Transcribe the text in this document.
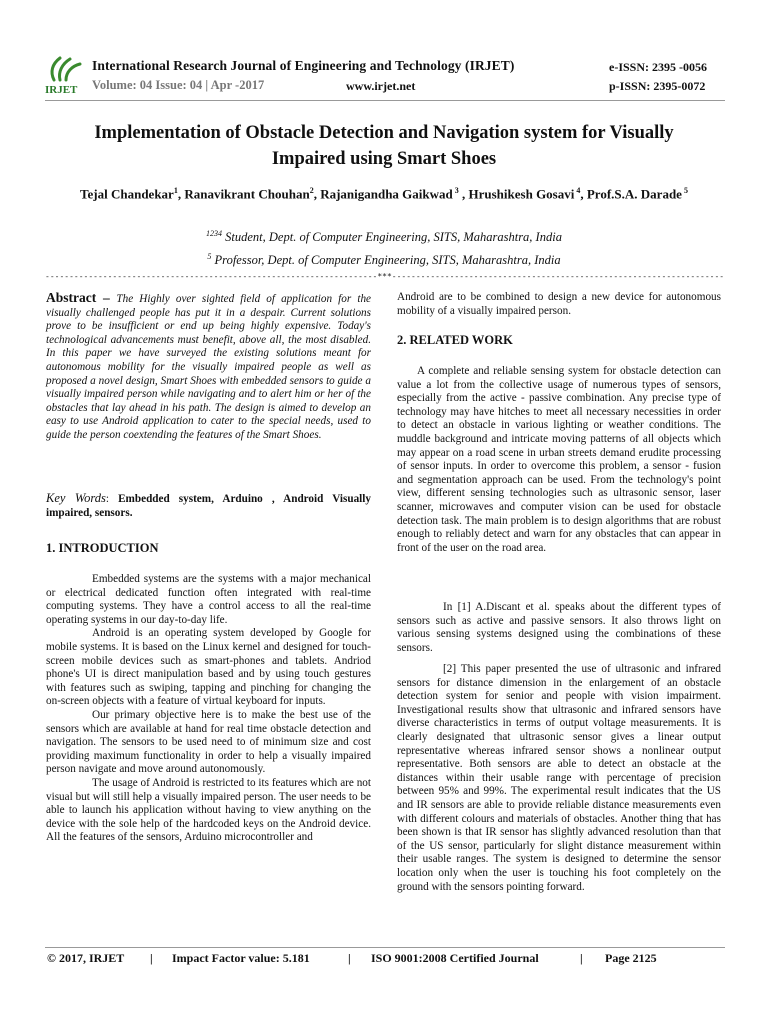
IRJET
International Research Journal of Engineering and Technology (IRJET)
Volume: 04 Issue: 04 | Apr -2017	www.irjet.net
e-ISSN: 2395 -0056
p-ISSN: 2395-0072
Implementation of Obstacle Detection and Navigation system for Visually Impaired using Smart Shoes
Tejal Chandekar$^1$, Ranavikrant Chouhan$^2$, Rajanigandha Gaikwad $^3$ , Hrushikesh Gosavi $^4$, Prof.S.A. Darade $^5$
$^{1234}$ Student, Dept. of Computer Engineering, SITS, Maharashtra, India
$^5$ Professor, Dept. of Computer Engineering, SITS, Maharashtra, India
---------------------------------------------------------------------***---------------------------------------------------------------------
Abstract – The Highly over sighted field of application for the visually challenged people has put it in a despair. Current solutions prove to be insufficient or end up being highly expensive. Today's technological advancements must benefit, above all, the most disabled. In this paper we have surveyed the existing solutions meant for autonomous mobility for the visually impaired people as well as proposed a novel design, Smart Shoes with embedded sensors to guide a visually impaired person while navigating and to alert him or her of the obstacles that lay ahead in his path. The design is aimed to develop an easy to use Android application to cater to the special needs, used to guide the person coextending the features of the Smart Shoes.
Key Words: Embedded system, Arduino , Android Visually impaired, sensors.
1. INTRODUCTION

Embedded systems are the systems with a major mechanical or electrical dedicated function often integrated with real-time computing systems. They have a control access to all the real-time operating systems in our day-to-day life.

Android is an operating system developed by Google for mobile systems. It is based on the Linux kernel and designed for touch-screen mobile devices such as smart-phones and tablets. Andriod phone's UI is direct manipulation based and by using touch gestures with features such as swiping, tapping and pinching for changing the on-screen objects with a feature of virtual keyboard for inputs.

Our primary objective here is to make the best use of the sensors which are available at hand for real time obstacle detection and navigation. The sensors to be used need to of minimum size and cost providing maximum functionality in order to help a visually impaired person navigate and move around autonomously.

The usage of Android is restricted to its features which are not visual but will still help a visually impaired person. The user needs to be able to launch his application without having to view anything on the device with the sole help of the hardcoded keys on the Android device. All the features of the sensors, Arduino microcontroller and

Android are to be combined to design a new device for autonomous mobility of a visually impaired person.
2. RELATED WORK

A complete and reliable sensing system for obstacle detection can value a lot from the collective usage of numerous types of sensors, especially from the active - passive combination. Any precise type of technology may have hitches to meet all necessary necessities in order to detect an obstacle in various lighting or weather conditions. The muddle background and intricate moving patterns of all objects which may appear on a road scene in urban streets demand erudite processing of sensor inputs. In order to overcome this problem, a sensor - fusion and segmentation approach can be used. From the technology's point view, different sensing technologies such as ultrasonic sensor, laser scanner, microwaves and computer vision can be used for obstacle detection task. The main problem is to design algorithms that are robust enough to reliably detect and warn for any obstacles that can appear in front of the user on the road area.

In [1] A.Discant et al. speaks about the different types of sensors such as active and passive sensors. It also throws light on various sensing systems designed using the combinations of these sensors.

[2] This paper presented the use of ultrasonic and infrared sensors for distance dimension in the enlargement of an obstacle detection system for senior and people with vision impairment. Investigational results show that ultrasonic and infrared sensors have diverse characteristics in terms of output voltage measurements. It is clearly designated that ultrasonic sensor gives a linear output representative whereas infrared sensor shows a nonlinear output representative. Both sensors are able to detect an obstacle at the distances within their usable range with percentage of precision between 95% and 99%. The experimental result indicates that the US and IR sensors are able to provide reliable distance measurements even with different colours and materials of obstacles. Another thing that has been shown is that IR sensor has slightly advanced resolution than that of the US sensor, particularly for slight distance measurement within their usable ranges. The system is designed to determine the sensor location only when the user is touching his foot completely on the ground with the sensors pointing forward.

© 2017, IRJET | Impact Factor value: 5.181	| ISO 9001:2008 Certified Journal	| Page 2125
